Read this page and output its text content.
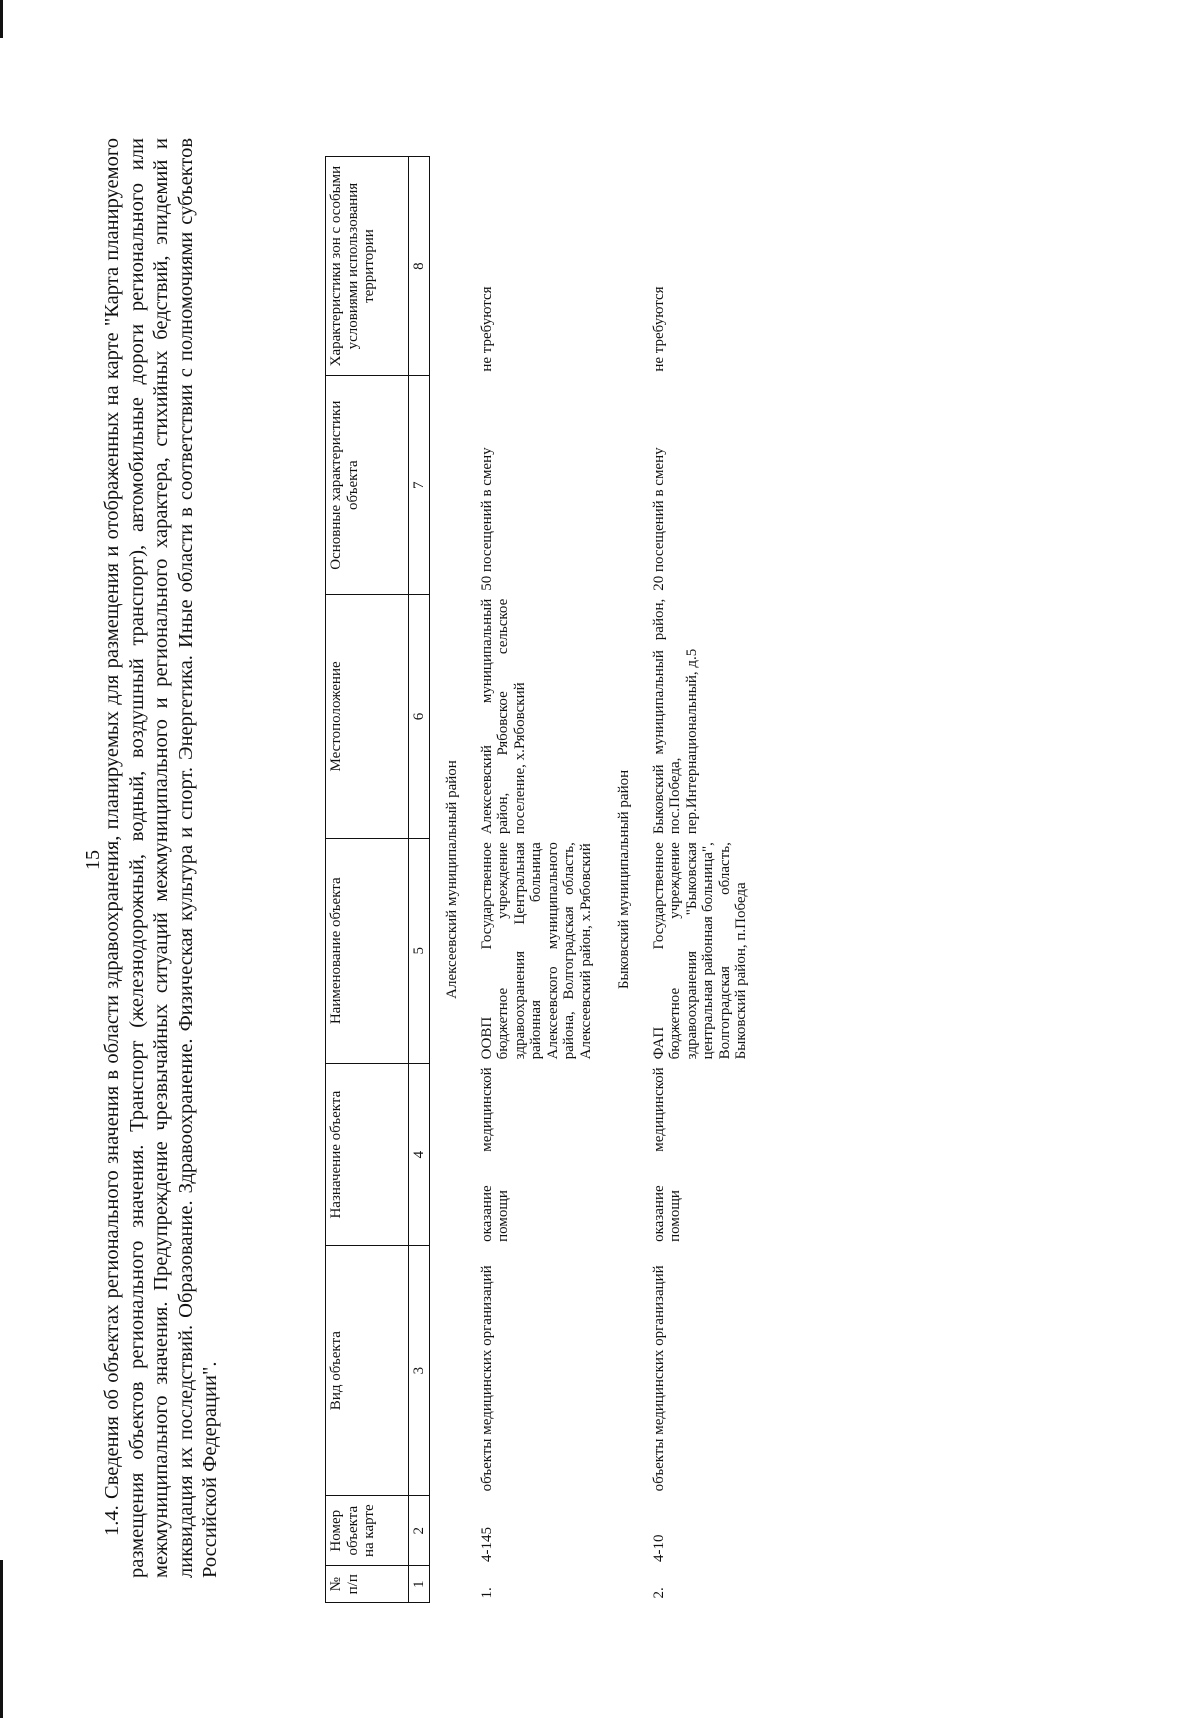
15

1.4. Сведения об объектах регионального значения в области здравоохранения, планируемых для размещения и отображенных на карте "Карта планируемого размещения объектов регионального значения. Транспорт (железнодорожный, водный, воздушный транспорт), автомобильные дороги регионального или межмуниципального значения. Предупреждение чрезвычайных ситуаций межмуниципального и регионального характера, стихийных бедствий, эпидемий и ликвидация их последствий. Образование. Здравоохранение. Физическая культура и спорт. Энергетика. Иные области в соответствии с полномочиями субъектов Российской Федерации".

№ п/п	Номер объекта на карте	Вид объекта	Назначение объекта	Наименование объекта	Местоположение	Основные характеристики объекта	Характеристики зон с особыми условиями использования территории
1	2	3	4	5	6	7	8
Алексеевский муниципальный район							
1.	4-145	объекты медицинских организаций	оказание медицинской помощи	ООВП Государственное бюджетное учреждение здравоохранения Центральная районная больница Алексеевского муниципального района, Волгоградская область, Алексеевский район, х.Рябовский	Алексеевский муниципальный район, Рябовское сельское поселение, х.Рябовский	50 посещений в смену	не требуются
Быковский муниципальный район							
2.	4-10	объекты медицинских организаций	оказание медицинской помощи	ФАП Государственное бюджетное учреждение здравоохранения "Быковская центральная районная больница", Волгоградская область, Быковский район, п.Победа	Быковский муниципальный район, пос.Победа, пер.Интернациональный, д.5	20 посещений в смену	не требуются
